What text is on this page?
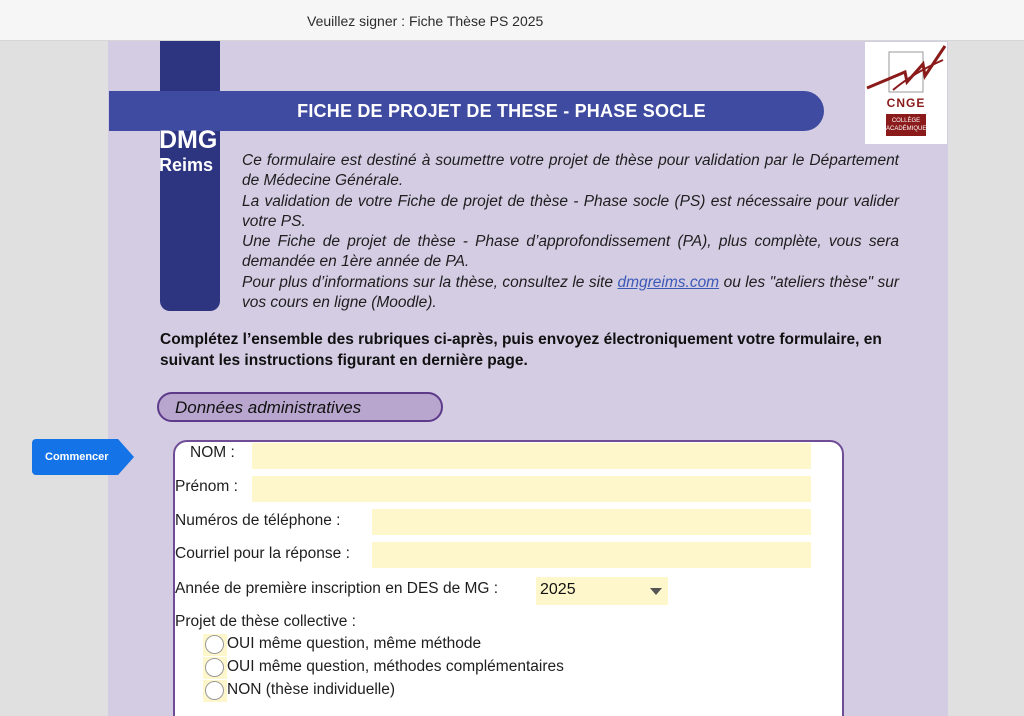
Veuillez signer : Fiche Thèse PS 2025
FICHE DE PROJET DE THESE - PHASE SOCLE
DMG
Reims
CNGE
COLLÈGE ACADÉMIQUE

Ce formulaire est destiné à soumettre votre projet de thèse pour validation par le Département de Médecine Générale.

La validation de votre Fiche de projet de thèse - Phase socle (PS) est nécessaire pour valider votre PS.

Une Fiche de projet de thèse - Phase d’approfondissement (PA), plus complète, vous sera demandée en 1ère année de PA.

Pour plus d’informations sur la thèse, consultez le site dmgreims.com ou les "ateliers thèse" sur vos cours en ligne (Moodle).

Complétez l’ensemble des rubriques ci-après, puis envoyez électroniquement votre formulaire, en suivant les instructions figurant en dernière page.
Données administratives
NOM :
Prénom :
Numéros de téléphone :
Courriel pour la réponse :
Année de première inscription en DES de MG :	2025
Projet de thèse collective :
OUI même question, même méthode
OUI même question, méthodes complémentaires
NON (thèse individuelle)
Commencer
